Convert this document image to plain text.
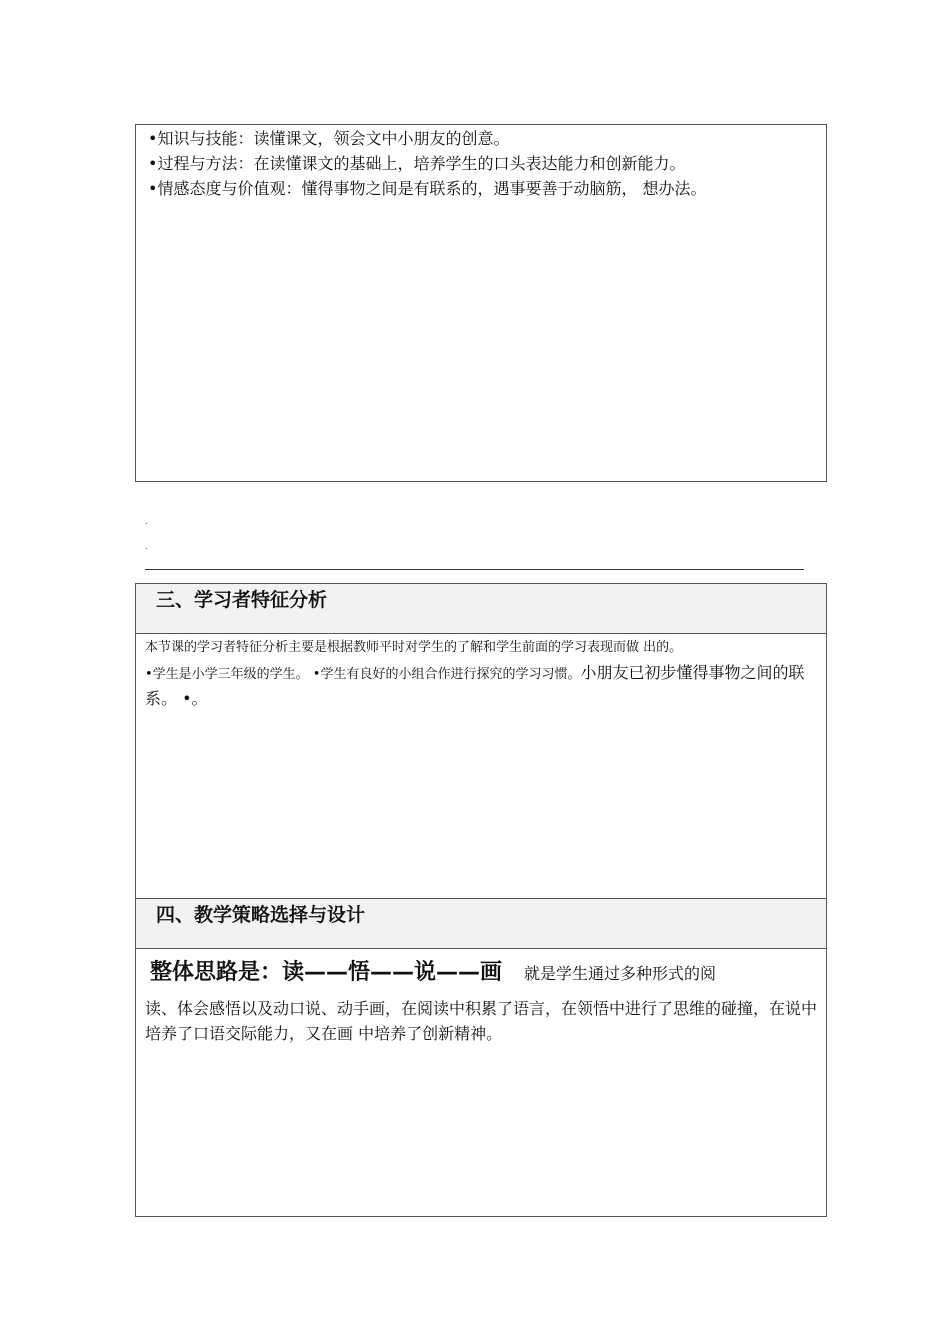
•知识与技能：读懂课文，领会文中小朋友的创意。
•过程与方法：在读懂课文的基础上，培养学生的口头表达能力和创新能力。
•情感态度与价值观：懂得事物之间是有联系的，遇事要善于动脑筋， 想办法。
.
.
三、学习者特征分析
本节课的学习者特征分析主要是根据教师平时对学生的了解和学生前面的学习表现而做 出的。
•学生是小学三年级的学生。 •学生有良好的小组合作进行探究的学习习惯。小朋友已初步懂得事物之间的联系。 •。
四、教学策略选择与设计
整体思路是：读——悟——说——画 就是学生通过多种形式的阅
读、体会感悟以及动口说、动手画，在阅读中积累了语言，在领悟中进行了思维的碰撞，在说中培养了口语交际能力，又在画 中培养了创新精神。
